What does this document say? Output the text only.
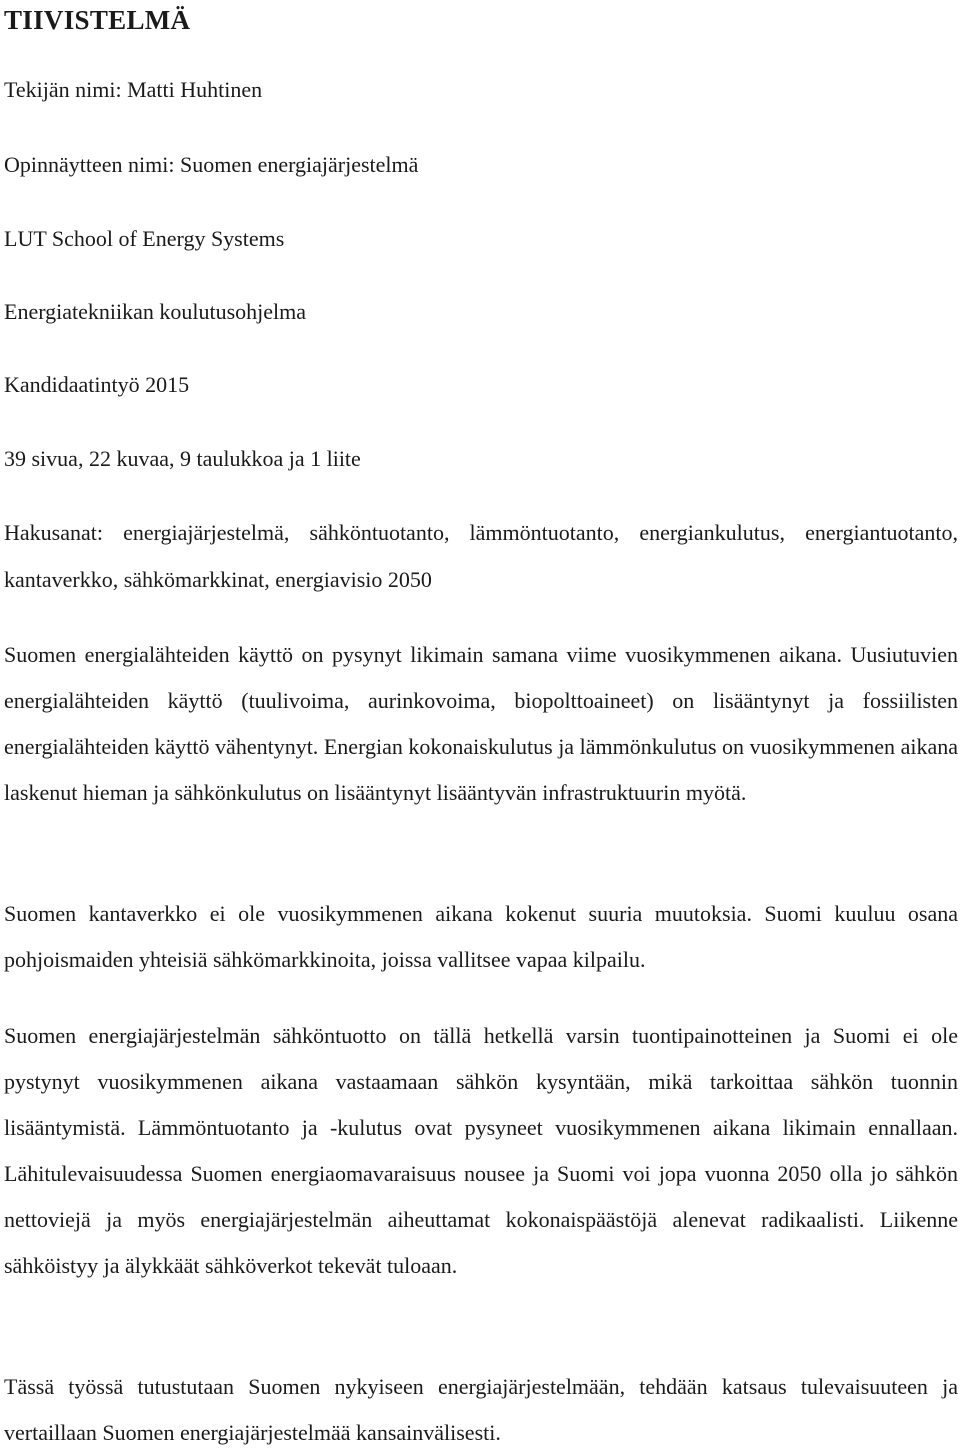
TIIVISTELMÄ

Tekijän nimi: Matti Huhtinen

Opinnäytteen nimi: Suomen energiajärjestelmä

LUT School of Energy Systems

Energiatekniikan koulutusohjelma

Kandidaatintyö 2015

39 sivua, 22 kuvaa, 9 taulukkoa ja 1 liite

Hakusanat: energiajärjestelmä, sähköntuotanto, lämmöntuotanto, energiankulutus, energiantuotanto, kantaverkko, sähkömarkkinat, energiavisio 2050

Suomen energialähteiden käyttö on pysynyt likimain samana viime vuosikymmenen aikana. Uusiutuvien energialähteiden käyttö (tuulivoima, aurinkovoima, biopolttoaineet) on lisääntynyt ja fossiilisten energialähteiden käyttö vähentynyt. Energian kokonaiskulutus ja lämmönkulutus on vuosikymmenen aikana laskenut hieman ja sähkönkulutus on lisääntynyt lisääntyvän infrastruktuurin myötä.

Suomen kantaverkko ei ole vuosikymmenen aikana kokenut suuria muutoksia. Suomi kuuluu osana pohjoismaiden yhteisiä sähkömarkkinoita, joissa vallitsee vapaa kilpailu.

Suomen energiajärjestelmän sähköntuotto on tällä hetkellä varsin tuontipainotteinen ja Suomi ei ole pystynyt vuosikymmenen aikana vastaamaan sähkön kysyntään, mikä tarkoittaa sähkön tuonnin lisääntymistä. Lämmöntuotanto ja -kulutus ovat pysyneet vuosikymmenen aikana likimain ennallaan. Lähitulevaisuudessa Suomen energiaomavaraisuus nousee ja Suomi voi jopa vuonna 2050 olla jo sähkön nettoviejä ja myös energiajärjestelmän aiheuttamat kokonaispäästöjä alenevat radikaalisti. Liikenne sähköistyy ja älykkäät sähköverkot tekevät tuloaan.

Tässä työssä tutustutaan Suomen nykyiseen energiajärjestelmään, tehdään katsaus tulevaisuuteen ja vertaillaan Suomen energiajärjestelmää kansainvälisesti.
